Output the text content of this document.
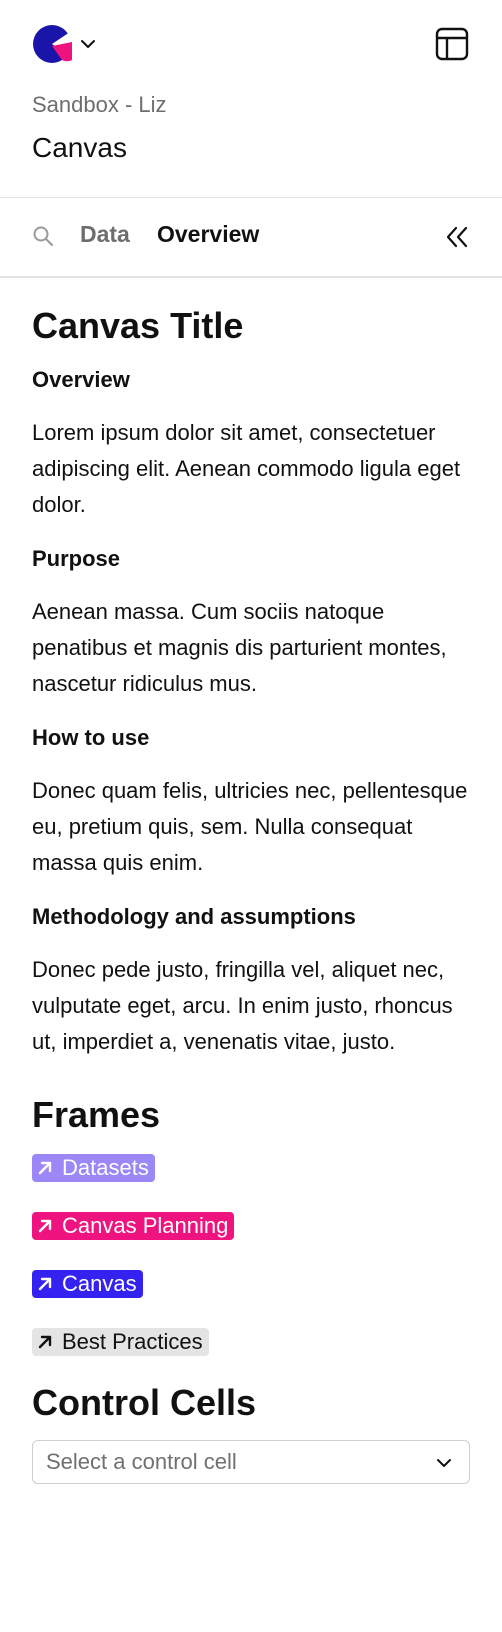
Sandbox - Liz
Canvas
Data Overview
Canvas Title
Overview

Lorem ipsum dolor sit amet, consectetuer adipiscing elit. Aenean commodo ligula eget dolor.

Purpose

Aenean massa. Cum sociis natoque penatibus et magnis dis parturient montes, nascetur ridiculus mus.

How to use

Donec quam felis, ultricies nec, pellentesque eu, pretium quis, sem. Nulla consequat massa quis enim.

Methodology and assumptions

Donec pede justo, fringilla vel, aliquet nec, vulputate eget, arcu. In enim justo, rhoncus ut, imperdiet a, venenatis vitae, justo.

Frames
Datasets
Canvas Planning
Canvas
Best Practices
Control Cells
Select a control cell
